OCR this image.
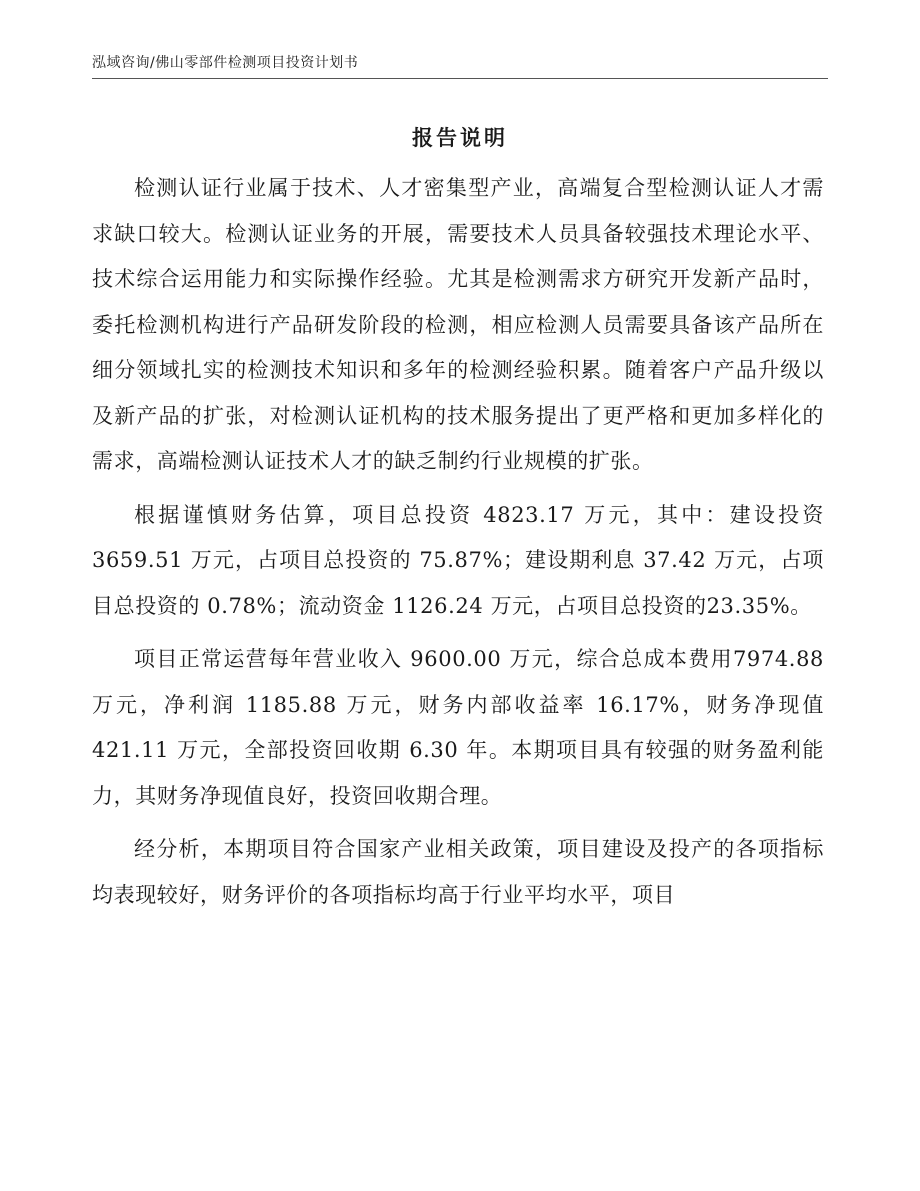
泓域咨询/佛山零部件检测项目投资计划书
报告说明

检测认证行业属于技术、人才密集型产业，高端复合型检测认证人才需求缺口较大。检测认证业务的开展，需要技术人员具备较强技术理论水平、技术综合运用能力和实际操作经验。尤其是检测需求方研究开发新产品时，委托检测机构进行产品研发阶段的检测，相应检测人员需要具备该产品所在细分领域扎实的检测技术知识和多年的检测经验积累。随着客户产品升级以及新产品的扩张，对检测认证机构的技术服务提出了更严格和更加多样化的需求，高端检测认证技术人才的缺乏制约行业规模的扩张。

根据谨慎财务估算，项目总投资 4823.17 万元，其中：建设投资3659.51 万元，占项目总投资的 75.87%；建设期利息 37.42 万元，占项目总投资的 0.78%；流动资金 1126.24 万元，占项目总投资的23.35%。

项目正常运营每年营业收入 9600.00 万元，综合总成本费用7974.88 万元，净利润 1185.88 万元，财务内部收益率 16.17%，财务净现值 421.11 万元，全部投资回收期 6.30 年。本期项目具有较强的财务盈利能力，其财务净现值良好，投资回收期合理。

经分析，本期项目符合国家产业相关政策，项目建设及投产的各项指标均表现较好，财务评价的各项指标均高于行业平均水平，项目
